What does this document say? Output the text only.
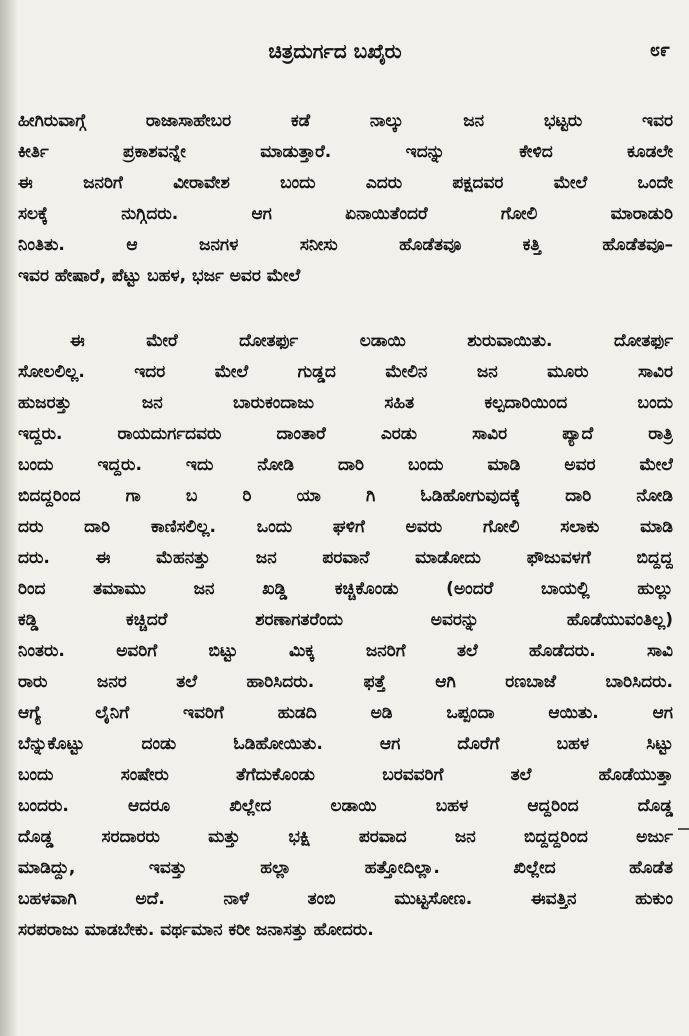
ಚಿತ್ರದುರ್ಗದ ಬಖೈರು	೮೯
ಹೀಗಿರುವಾಗ್ಗೆ ರಾಜಾಸಾಹೇಬರ ಕಡೆ ನಾಲ್ಕು ಜನ ಭಟ್ಟರು ಇವರ
ಕೀರ್ತಿ ಪ್ರಕಾಶವನ್ನೇ ಮಾಡುತ್ತಾರೆ. ಇದನ್ನು ಕೇಳಿದ ಕೂಡಲೇ
ಈ ಜನರಿಗೆ ವೀರಾವೇಶ ಬಂದು ಎದರು ಪಕ್ಷದವರ ಮೇಲೆ ಒಂದೇ
ಸಲಕ್ಕೆ ನುಗ್ಗಿದರು. ಆಗ ಏನಾಯಿತೆಂದರೆ ಗೋಲಿ ಮಾರಾಡುರಿ
ನಿಂತಿತು. ಆ ಜನಗಳ ಸನೀಸು ಹೊಡೆತವೂ ಕತ್ತಿ ಹೊಡೆತವೂ–
ಇವರ ಹೇಷಾರೆ, ಪೆಟ್ಟು ಬಹಳ, ಭರ್ಜ ಅವರ ಮೇಲೆ
ಈ ಮೇರೆ ದೋತರ್ಫು ಲಡಾಯಿ ಶುರುವಾಯಿತು. ದೋತರ್ಫು
ಸೋಲಲಿಲ್ಲ. ಇದರ ಮೇಲೆ ಗುಡ್ಡದ ಮೇಲಿನ ಜನ ಮೂರು ಸಾವಿರ
ಹುಜರತ್ತು ಜನ ಬಾರುಕಂದಾಜು ಸಹಿತ ಕಲ್ಪದಾರಿಯಿಂದ ಬಂದು
ಇದ್ದರು. ರಾಯದುರ್ಗದವರು ದಾಂತಾರೆ ಎರಡು ಸಾವಿರ ಪ್ಯಾದೆ ರಾತ್ರಿ
ಬಂದು ಇದ್ದರು. ಇದು ನೋಡಿ ದಾರಿ ಬಂದು ಮಾಡಿ ಅವರ ಮೇಲೆ
ಬಿದದ್ದರಿಂದ ಗಾ ಬ ರಿ ಯಾ ಗಿ ಓಡಿಹೋಗುವುದಕ್ಕೆ ದಾರಿ ನೋಡಿ
ದರು ದಾರಿ ಕಾಣಿಸಲಿಲ್ಲ. ಒಂದು ಘಳಿಗೆ ಅವರು ಗೋಲಿ ಸಲಾಕು ಮಾಡಿ
ದರು. ಈ ಮೆಹನತ್ತು ಜನ ಪರವಾನೆ ಮಾಡೋದು ಫೌಜುವಳಗೆ ಬಿದ್ದದ್ದ
ರಿಂದ ತಮಾಮು ಜನ ಖಡ್ಡಿ ಕಚ್ಚಿಕೊಂಡು (ಅಂದರೆ ಬಾಯಲ್ಲಿ ಹುಲ್ಲು
ಕಡ್ಡಿ ಕಚ್ಚಿದರೆ ಶರಣಾಗತರೆಂದು ಅವರನ್ನು ಹೊಡೆಯುವಂತಿಲ್ಲ)
ನಿಂತರು. ಅವರಿಗೆ ಬಿಟ್ಟು ಮಿಕ್ಕ ಜನರಿಗೆ ತಲೆ ಹೊಡೆದರು. ಸಾವಿ
ರಾರು ಜನರ ತಲೆ ಹಾರಿಸಿದರು. ಫತ್ತೆ ಆಗಿ ರಣಬಾಜೆ ಬಾರಿಸಿದರು.
ಆಗ್ಯೆ ಲೈನಿಗೆ ಇವರಿಗೆ ಹುಡದಿ ಅಡಿ ಒಪ್ಪಂದಾ ಆಯಿತು. ಆಗ
ಬೆನ್ನುಕೊಟ್ಟು ದಂಡು ಓಡಿಹೋಯಿತು. ಆಗ ದೊರೆಗೆ ಬಹಳ ಸಿಟ್ಟು
ಬಂದು ಸಂಷೇರು ತೆಗೆದುಕೊಂಡು ಬರವವರಿಗೆ ತಲೆ ಹೊಡೆಯುತ್ತಾ
ಬಂದರು. ಆದರೂ ಖಿಲ್ಲೇದ ಲಡಾಯಿ ಬಹಳ ಆದ್ದರಿಂದ ದೊಡ್ಡ
ದೊಡ್ಡ ಸರದಾರರು ಮತ್ತು ಭಕ್ಷಿ ಪರವಾದ ಜನ ಬಿದ್ದದ್ದರಿಂದ ಅರ್ಜು
ಮಾಡಿದ್ದು, ಇವತ್ತು ಹಲ್ಲಾ ಹತ್ತೋದಿಲ್ಲಾ. ಖಿಲ್ಲೇದ ಹೊಡೆತ
ಬಹಳವಾಗಿ ಅದೆ. ನಾಳೆ ತಂಬಿ ಮುಟ್ಟಸೋಣ. ಈವತ್ತಿನ ಹುಕುಂ
ಸರಪರಾಜು ಮಾಡಬೇಕು. ವರ್ಥಮಾನ ಕರೀ ಜನಾಸತ್ತು ಹೋದರು.
